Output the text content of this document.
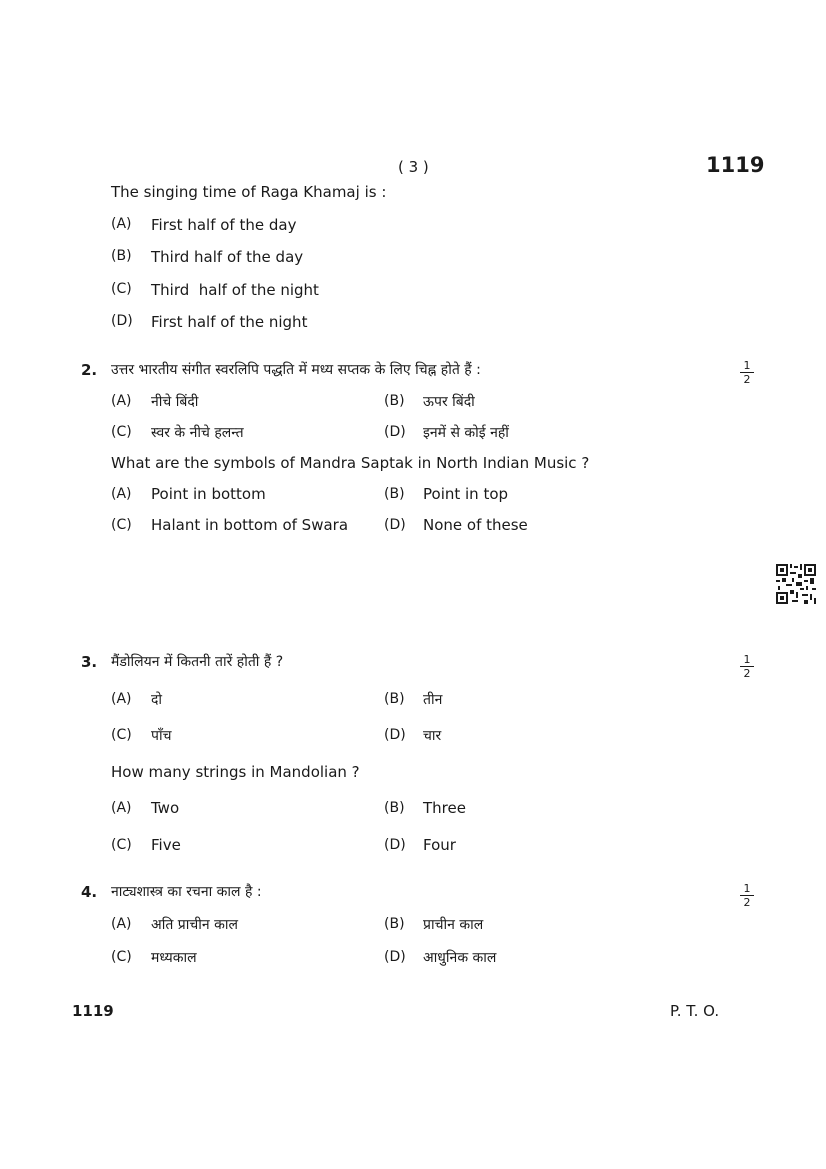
( 3 )	1119
The singing time of Raga Khamaj is :
(A) First half of the day
(B) Third half of the day
(C) Third  half of the night
(D) First half of the night
2. उत्तर भारतीय संगीत स्वरलिपि पद्धति में मध्य सप्तक के लिए चिह्न होते हैं :	$\frac{1}{2}$
(A) नीचे बिंदी	(B) ऊपर बिंदी
(C) स्वर के नीचे हलन्त	(D) इनमें से कोई नहीं
What are the symbols of Mandra Saptak in North Indian Music ?
(A) Point in bottom	(B) Point in top
(C) Halant in bottom of Swara	(D) None of these
3. मैंडोलियन में कितनी तारें होती हैं ?	$\frac{1}{2}$
(A) दो	(B) तीन
(C) पाँच	(D) चार
How many strings in Mandolian ?
(A) Two	(B) Three
(C) Five	(D) Four
4. नाट्यशास्त्र का रचना काल है :	$\frac{1}{2}$
(A) अति प्राचीन काल	(B) प्राचीन काल
(C) मध्यकाल	(D) आधुनिक काल
1119	P. T. O.
